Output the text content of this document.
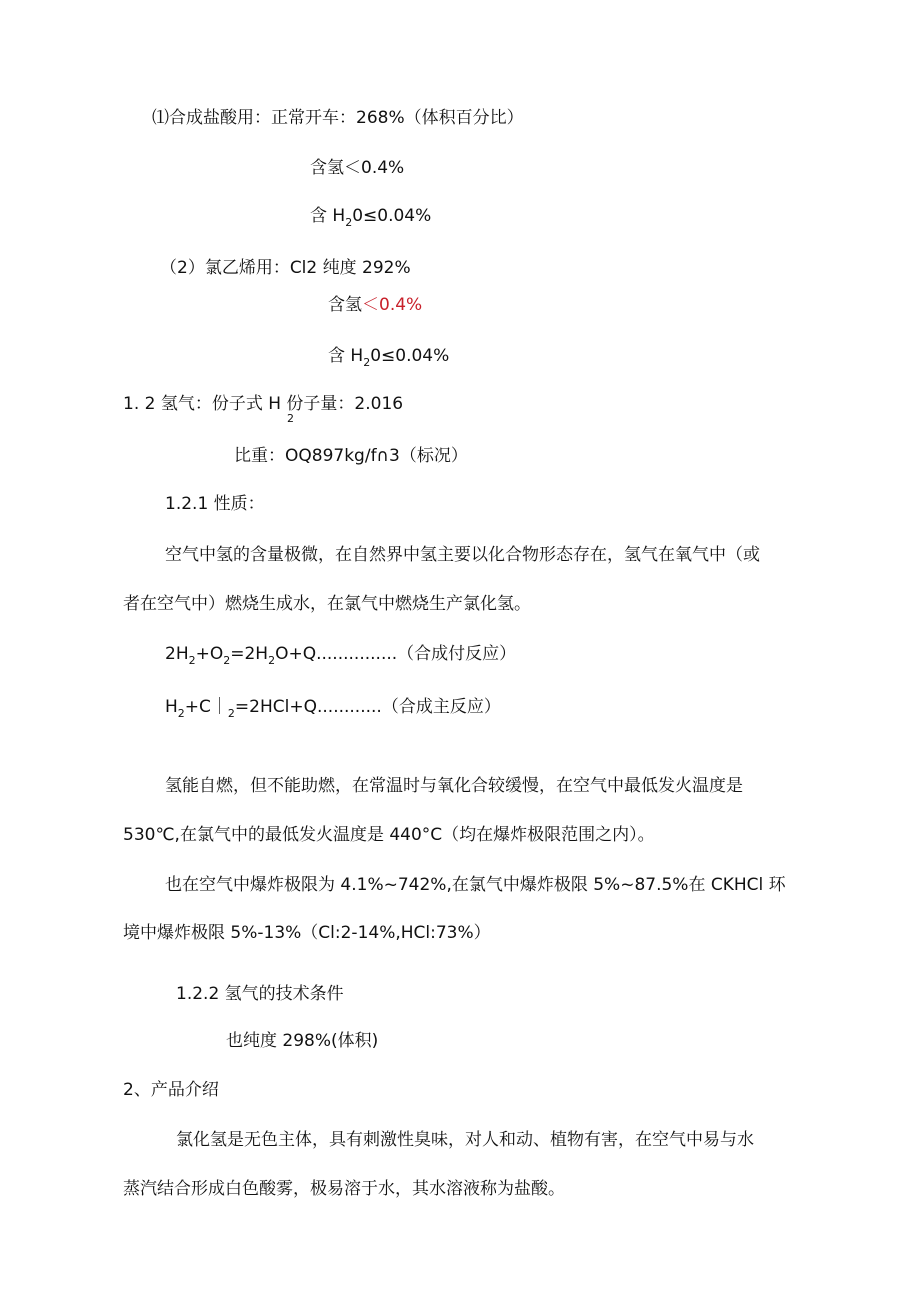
⑴合成盐酸用：正常开车：268%（体积百分比）
含氢＜0.4%
含 $H_20\le 0.04\%$
（2）氯乙烯用：Cl2 纯度 292%
含氢＜0.4%
含 $H_20\le 0.04\%$
1. 2 氢气：份子式 H 份子量：2.016
2
比重：OQ897kg∕f∩3（标况）
1.2.1 性质：
空气中氢的含量极微，在自然界中氢主要以化合物形态存在，氢气在氧气中（或
者在空气中）燃烧生成水，在氯气中燃烧生产氯化氢。
$2H_2+O_2=2H_2O+Q$...............（合成付反应）
$H_2+C|_2=2HCl+Q$............（合成主反应）
氢能自燃，但不能助燃，在常温时与氧化合较缓慢，在空气中最低发火温度是
530℃,在氯气中的最低发火温度是 440°C（均在爆炸极限范围之内）。
也在空气中爆炸极限为 4.1%~742%,在氯气中爆炸极限 5%~87.5%在 CKHCl 环
境中爆炸极限 5%-13%（Cl:2-14%,HCl:73%）
1.2.2 氢气的技术条件
也纯度 298%(体积)
2、产品介绍
氯化氢是无色主体，具有刺激性臭味，对人和动、植物有害，在空气中易与水
蒸汽结合形成白色酸雾，极易溶于水，其水溶液称为盐酸。
